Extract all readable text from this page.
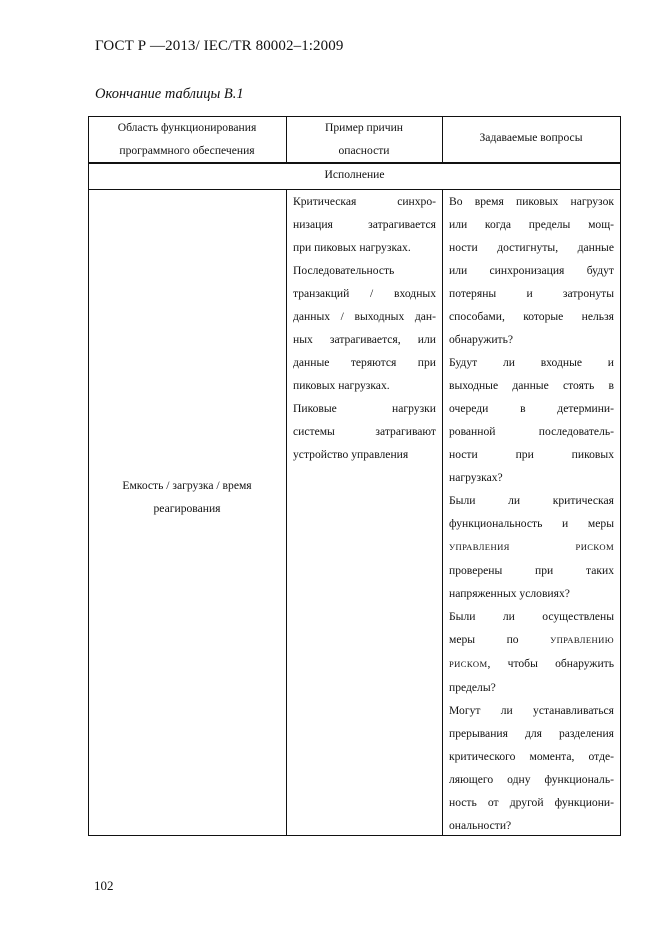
ГОСТ Р —2013/ IEC/TR 80002–1:2009
Окончание таблицы В.1
Область функционирования
программного обеспечения
Пример причин
опасности
Задаваемые вопросы
Исполнение
Емкость / загрузка / время
реагирования

Критическая синхро-

низация затрагивается

при пиковых нагрузках.

Последовательность

транзакций / входных

данных / выходных дан-

ных затрагивается, или

данные теряются при

пиковых нагрузках.

Пиковые нагрузки

системы затрагивают

устройство управления

Во время пиковых нагрузок

или когда пределы мощ-

ности достигнуты, данные

или синхронизация будут

потеряны и затронуты

способами, которые нельзя

обнаружить?

Будут ли входные и

выходные данные стоять в

очереди в детермини-

рованной последователь-

ности при пиковых

нагрузках?

Были ли критическая

функциональность и меры

УПРАВЛЕНИЯ	РИСКОМ

проверены при таких

напряженных условиях?

Были ли осуществлены

меры по	УПРАВЛЕНИЮ

РИСКОМ, чтобы обнаружить

пределы?

Могут ли устанавливаться

прерывания для разделения

критического момента, отде-

ляющего одну функциональ-

ность от другой функциони-

ональности?

102
